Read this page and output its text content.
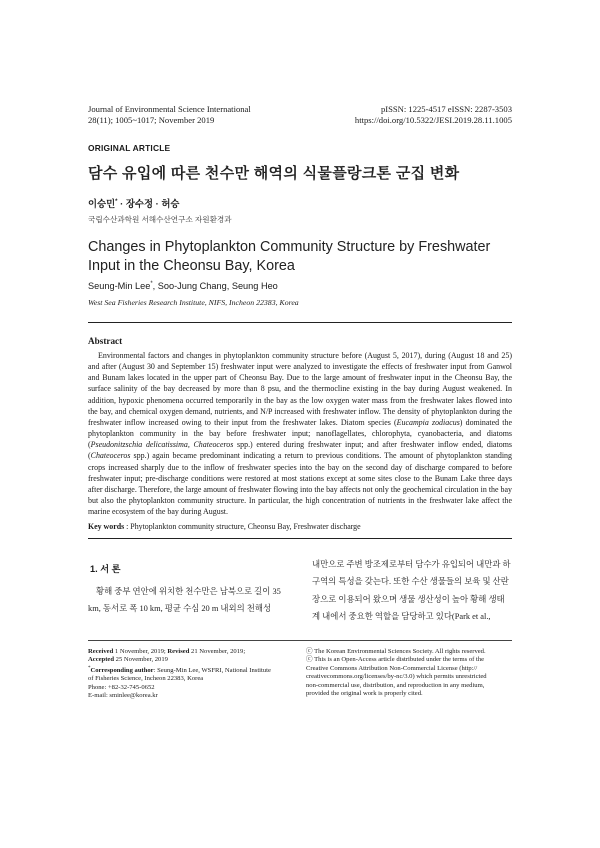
Journal of Environmental Science International
28(11); 1005~1017; November 2019
pISSN: 1225-4517 eISSN: 2287-3503
https://doi.org/10.5322/JESI.2019.28.11.1005
ORIGINAL ARTICLE
담수 유입에 따른 천수만 해역의 식물플랑크톤 군집 변화
이승민* · 장수정 · 허승
국립수산과학원 서해수산연구소 자원환경과
Changes in Phytoplankton Community Structure by Freshwater
Input in the Cheonsu Bay, Korea
Seung-Min Lee*, Soo-Jung Chang, Seung Heo
West Sea Fisheries Research Institute, NIFS, Incheon 22383, Korea
Abstract

Environmental factors and changes in phytoplankton community structure before (August 5, 2017), during (August 18 and 25) and after (August 30 and September 15) freshwater input were analyzed to investigate the effects of freshwater input from Ganwol and Bunam lakes located in the upper part of Cheonsu Bay. Due to the large amount of freshwater input in the Cheonsu Bay, the surface salinity of the bay decreased by more than 8 psu, and the thermocline existing in the bay during August weakened. In addition, hypoxic phenomena occurred temporarily in the bay as the low oxygen water mass from the freshwater lakes flowed into the bay, and chemical oxygen demand, nutrients, and N/P increased with freshwater inflow. The density of phytoplankton during the freshwater inflow increased owing to their input from the freshwater lakes. Diatom species (Eucampia zodiacus) dominated the phytoplankton community in the bay before freshwater input; nanoflagellates, chlorophyta, cyanobacteria, and diatoms (Pseudonitzschia delicatissima, Chateoceros spp.) entered during freshwater input; and after freshwater inflow ended, diatoms (Chateoceros spp.) again became predominant indicating a return to previous conditions. The amount of phytoplankton standing crops increased sharply due to the inflow of freshwater species into the bay on the second day of discharge compared to before freshwater input; pre-discharge conditions were restored at most stations except at some sites close to the Bunam Lake three days after discharge. Therefore, the large amount of freshwater flowing into the bay affects not only the geochemical circulation in the bay but also the phytoplankton community structure. In particular, the high concentration of nutrients in the freshwater lake affect the marine ecosystem of the bay during August.

Key words : Phytoplankton community structure, Cheonsu Bay, Freshwater discharge
1. 서 론
황해 중부 연안에 위치한 천수만은 남북으로 길이 35
km, 동서로 폭 10 km, 평균 수심 20 m 내외의 천해성
내만으로 주변 방조제로부터 담수가 유입되어 내만과 하
구역의 특성을 갖는다. 또한 수산 생물들의 보육 및 산란
장으로 이용되어 왔으며 생물 생산성이 높아 황해 생태
계 내에서 중요한 역할을 담당하고 있다(Park et al.,
Received 1 November, 2019; Revised 21 November, 2019;
Accepted 25 November, 2019
*Corresponding author: Seung-Min Lee, WSFRI, National Institute
of Fisheries Science, Incheon 22383, Korea
Phone: +82-32-745-0652
E-mail: sminlee@korea.kr
ⓒ The Korean Environmental Sciences Society. All rights reserved.
ⓒ This is an Open-Access article distributed under the terms of the
Creative Commons Attribution Non-Commercial License (http://
creativecommons.org/licenses/by-nc/3.0) which permits unrestricted
non-commercial use, distribution, and reproduction in any medium,
provided the original work is properly cited.
